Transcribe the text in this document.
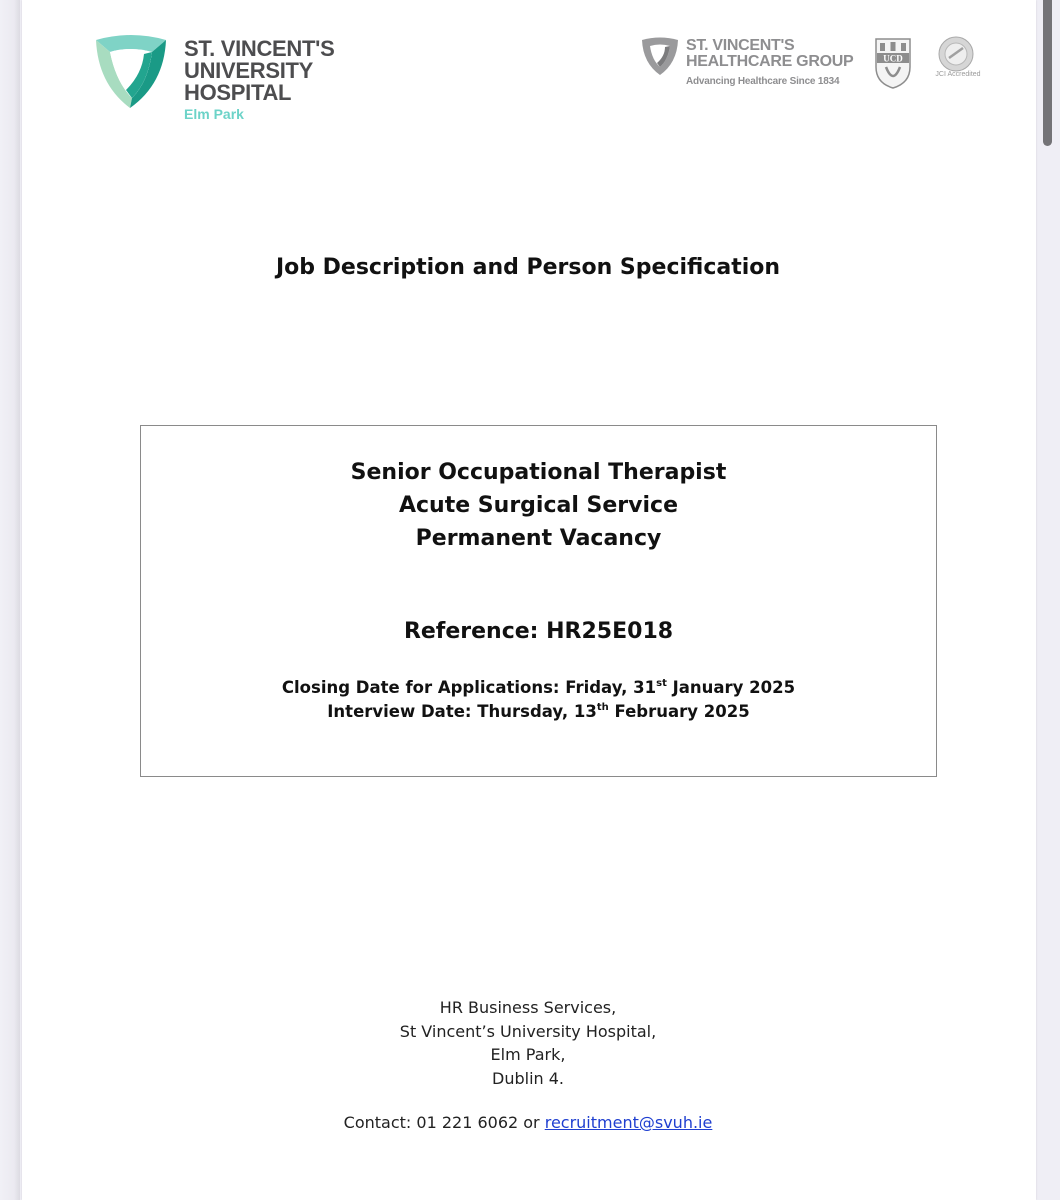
ST. VINCENT'S
UNIVERSITY HOSPITAL
Elm Park
ST. VINCENT'S
HEALTHCARE GROUP
Advancing Healthcare Since 1834
UCD
JCI Accredited
Job Description and Person Specification
Senior Occupational Therapist
Acute Surgical Service
Permanent Vacancy
Reference: HR25E018
Closing Date for Applications: Friday, 31st January 2025
Interview Date: Thursday, 13th February 2025
HR Business Services,
St Vincent’s University Hospital,
Elm Park,
Dublin 4.
Contact: 01 221 6062 or recruitment@svuh.ie
